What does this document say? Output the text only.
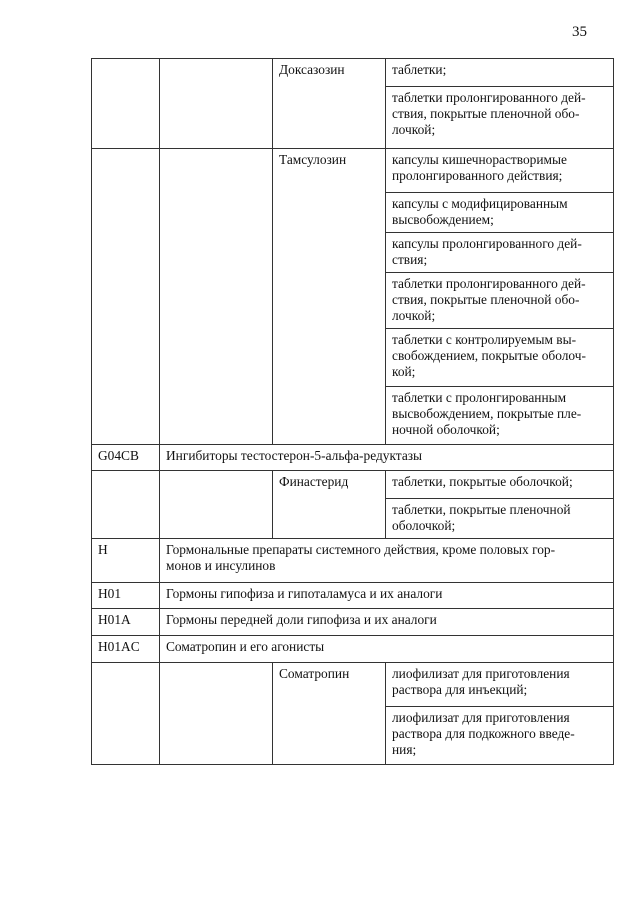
35
		Доксазозин	таблетки;
			таблетки пролонгированного дей-
ствия, покрытые пленочной обо-
лочкой;
		Тамсулозин	капсулы кишечнорастворимые
пролонгированного действия;
			капсулы с модифицированным
высвобождением;
			капсулы пролонгированного дей-
ствия;
			таблетки пролонгированного дей-
ствия, покрытые пленочной обо-
лочкой;
			таблетки с контролируемым вы-
свобождением, покрытые оболоч-
кой;
			таблетки с пролонгированным
высвобождением, покрытые пле-
ночной оболочкой;
G04CB	Ингибиторы тестостерон-5-альфа-редуктазы		
		Финастерид	таблетки, покрытые оболочкой;
			таблетки, покрытые пленочной
оболочкой;
H	Гормональные препараты системного действия, кроме половых гор-
монов и инсулинов		
H01	Гормоны гипофиза и гипоталамуса и их аналоги		
H01A	Гормоны передней доли гипофиза и их аналоги		
H01AC	Соматропин и его агонисты		
		Соматропин	лиофилизат для приготовления
раствора для инъекций;
			лиофилизат для приготовления
раствора для подкожного введе-
ния;
